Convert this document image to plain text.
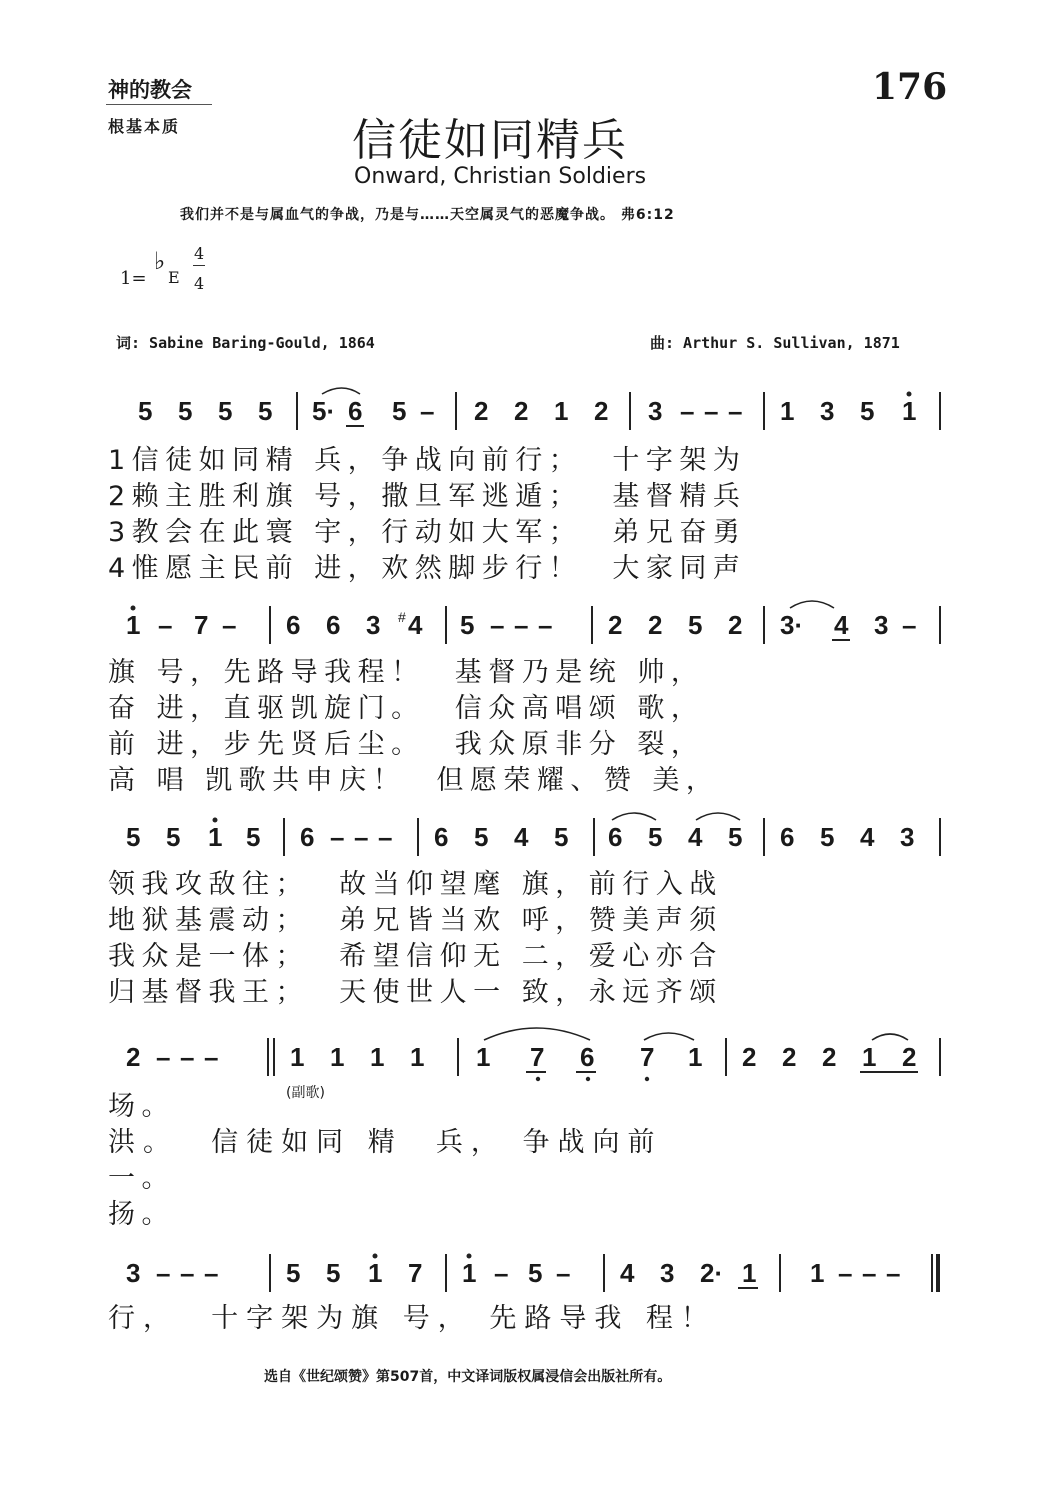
神的教会
根基本质
176
信徒如同精兵
Onward, Christian Soldiers
我们并不是与属血气的争战，乃是与……天空属灵气的恶魔争战。 弗6:12
1=
♭
E
4
4
词: Sabine Baring-Gould, 1864	曲: Arthur S. Sullivan, 1871
5 5 5 5 5· 6 5 – 2 2 1 2 3 – – – 1 3 5 1
1信徒如同精 兵，争战向前行；  十字架为
2赖主胜利旗 号，撒旦军逃遁；  基督精兵
3教会在此寰 宇，行动如大军；  弟兄奋勇
4惟愿主民前 进，欢然脚步行！  大家同声
1 – 7 – 6 6 3 # 4 5 – – – 2 2 5 2 3· 4 3 –
旗 号，先路导我程！  基督乃是统 帅，
奋 进，直驱凯旋门。  信众高唱颂 歌，
前 进，步先贤后尘。  我众原非分 裂，
高 唱 凯歌共申庆！  但愿荣耀、赞 美，
5 5 1 5 6 – – – 6 5 4 5 6 5 4 5 6 5 4 3
领我攻敌往；  故当仰望麾 旗，前行入战
地狱基震动；  弟兄皆当欢 呼，赞美声须
我众是一体；  希望信仰无 二，爱心亦合
归基督我王；  天使世人一 致，永远齐颂
2 – – –	1 1 1 1 1 7 6 7 1 2 2 2 1 2
(副歌)
场。
洪。  信徒如同 精  兵， 争战向前
一。
扬。
3 – – –	5 5 1 7 1 – 5 – 4 3 2· 1 1 – – –
行，  十字架为旗 号， 先路导我 程！
选自《世纪颂赞》第507首，中文译词版权属浸信会出版社所有。
